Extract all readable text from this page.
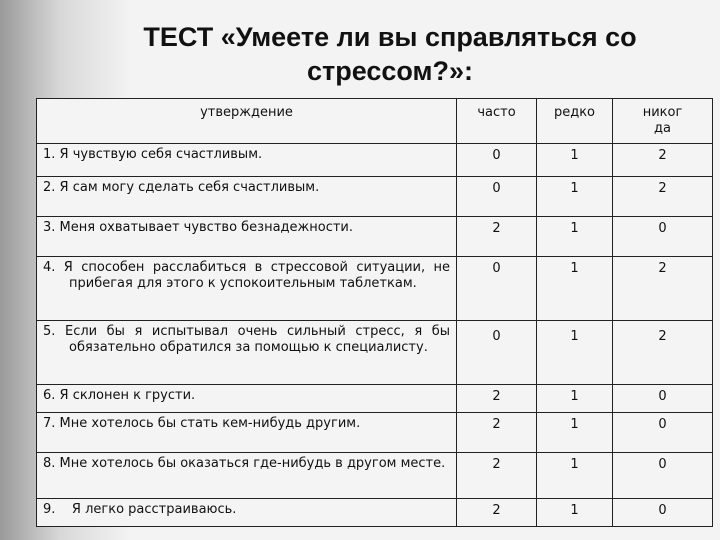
ТЕСТ «Умеете ли вы справляться со
стрессом?»:
утверждение	часто	редко	никог да

1. Я чувствую себя счастливым.	0	1	2

2. Я сам могу сделать себя счастливым.	0	1	2

3. Меня охватывает чувство безнадежности.	2	1	0

4. Я способен расслабиться в стрессовой ситуации, не прибегая для этого к успокоительным таблеткам.	0	1	2

5. Если бы я испытывал очень сильный стресс, я бы обязательно обратился за помощью к специалисту.	0	1	2

6. Я склонен к грусти.	2	1	0

7. Мне хотелось бы стать кем-нибудь другим.	2	1	0

8. Мне хотелось бы оказаться где-нибудь в другом месте.	2	1	0
9.    Я легко расстраиваюсь.	2	1	0
